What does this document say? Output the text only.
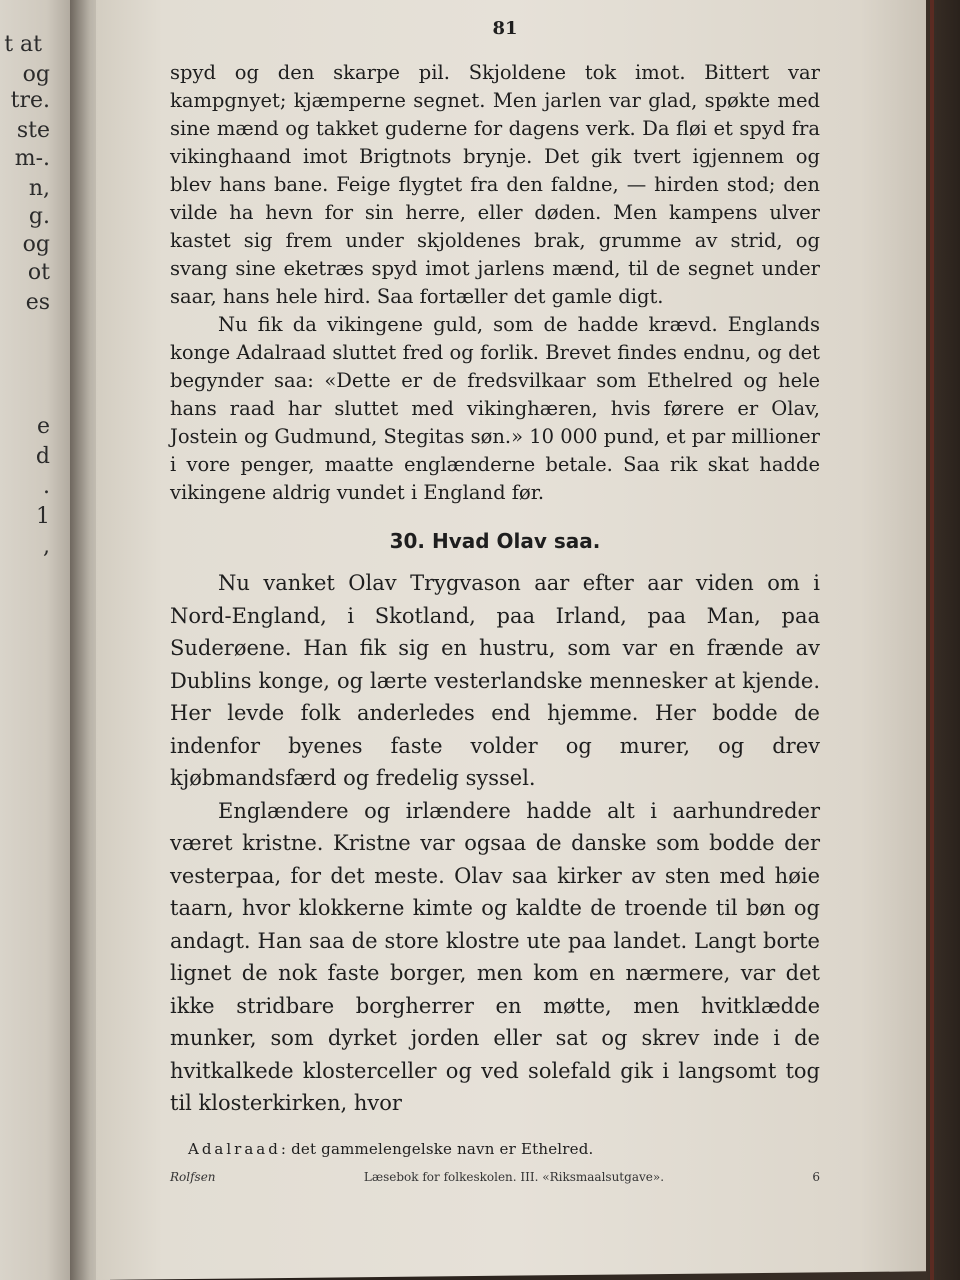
t at
og
tre.
ste
m-.
n,
g.
og
ot
es
e
d
.
1
,
81

spyd og den skarpe pil. Skjoldene tok imot. Bittert var kampgnyet; kjæmperne segnet. Men jarlen var glad, spøkte med sine mænd og takket guderne for dagens verk. Da fløi et spyd fra vikinghaand imot Brigtnots brynje. Det gik tvert igjennem og blev hans bane. Feige flygtet fra den faldne, — hirden stod; den vilde ha hevn for sin herre, eller døden. Men kampens ulver kastet sig frem under skjoldenes brak, grumme av strid, og svang sine eketræs spyd imot jarlens mænd, til de segnet under saar, hans hele hird. Saa fortæller det gamle digt.

Nu fik da vikingene guld, som de hadde krævd. Englands konge Adalraad sluttet fred og forlik. Brevet findes endnu, og det begynder saa: «Dette er de fredsvilkaar som Ethelred og hele hans raad har sluttet med vikinghæren, hvis førere er Olav, Jostein og Gudmund, Stegitas søn.» 10 000 pund, et par millioner i vore penger, maatte englænderne betale. Saa rik skat hadde vikingene aldrig vundet i England før.

30. Hvad Olav saa.

Nu vanket Olav Trygvason aar efter aar viden om i Nord-England, i Skotland, paa Irland, paa Man, paa Suderøene. Han fik sig en hustru, som var en frænde av Dublins konge, og lærte vesterlandske mennesker at kjende. Her levde folk anderledes end hjemme. Her bodde de indenfor byenes faste volder og murer, og drev kjøbmandsfærd og fredelig syssel.

Englændere og irlændere hadde alt i aarhundreder været kristne. Kristne var ogsaa de danske som bodde der vesterpaa, for det meste. Olav saa kirker av sten med høie taarn, hvor klokkerne kimte og kaldte de troende til bøn og andagt. Han saa de store klostre ute paa landet. Langt borte lignet de nok faste borger, men kom en nærmere, var det ikke stridbare borgherrer en møtte, men hvitklædde munker, som dyrket jorden eller sat og skrev inde i de hvitkalkede klosterceller og ved solefald gik i langsomt tog til klosterkirken, hvor

Adalraad: det gammelengelske navn er Ethelred.
Rolfsen	Læsebok for folkeskolen. III. «Riksmaalsutgave».	6
